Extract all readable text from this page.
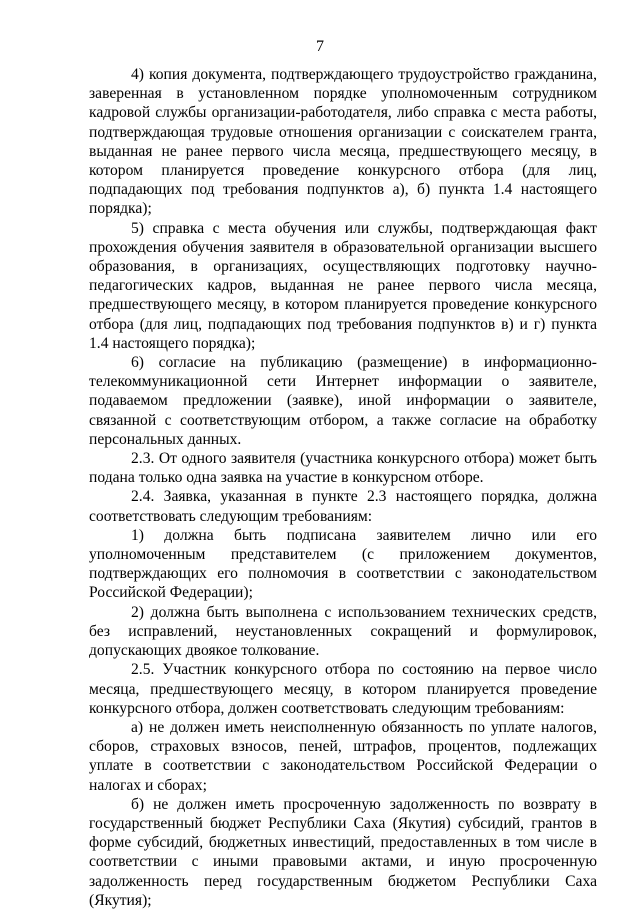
7

4) копия документа, подтверждающего трудоустройство гражданина, заверенная в установленном порядке уполномоченным сотрудником кадровой службы организации-работодателя, либо справка с места работы, подтверждающая трудовые отношения организации с соискателем гранта, выданная не ранее первого числа месяца, предшествующего месяцу, в котором планируется проведение конкурсного отбора (для лиц, подпадающих под требования подпунктов а), б) пункта 1.4 настоящего порядка);

5) справка с места обучения или службы, подтверждающая факт прохождения обучения заявителя в образовательной организации высшего образования, в организациях, осуществляющих подготовку научно-педагогических кадров, выданная не ранее первого числа месяца, предшествующего месяцу, в котором планируется проведение конкурсного отбора (для лиц, подпадающих под требования подпунктов в) и г) пункта 1.4 настоящего порядка);

6) согласие на публикацию (размещение) в информационно-телекоммуникационной сети Интернет информации о заявителе, подаваемом предложении (заявке), иной информации о заявителе, связанной с соответствующим отбором, а также согласие на обработку персональных данных.

2.3. От одного заявителя (участника конкурсного отбора) может быть подана только одна заявка на участие в конкурсном отборе.

2.4. Заявка, указанная в пункте 2.3 настоящего порядка, должна соответствовать следующим требованиям:

1) должна быть подписана заявителем лично или его уполномоченным представителем (с приложением документов, подтверждающих его полномочия в соответствии с законодательством Российской Федерации);

2) должна быть выполнена с использованием технических средств, без исправлений, неустановленных сокращений и формулировок, допускающих двоякое толкование.

2.5. Участник конкурсного отбора по состоянию на первое число месяца, предшествующего месяцу, в котором планируется проведение конкурсного отбора, должен соответствовать следующим требованиям:

а) не должен иметь неисполненную обязанность по уплате налогов, сборов, страховых взносов, пеней, штрафов, процентов, подлежащих уплате в соответствии с законодательством Российской Федерации о налогах и сборах;

б) не должен иметь просроченную задолженность по возврату в государственный бюджет Республики Саха (Якутия) субсидий, грантов в форме субсидий, бюджетных инвестиций, предоставленных в том числе в соответствии с иными правовыми актами, и иную просроченную задолженность перед государственным бюджетом Республики Саха (Якутия);
